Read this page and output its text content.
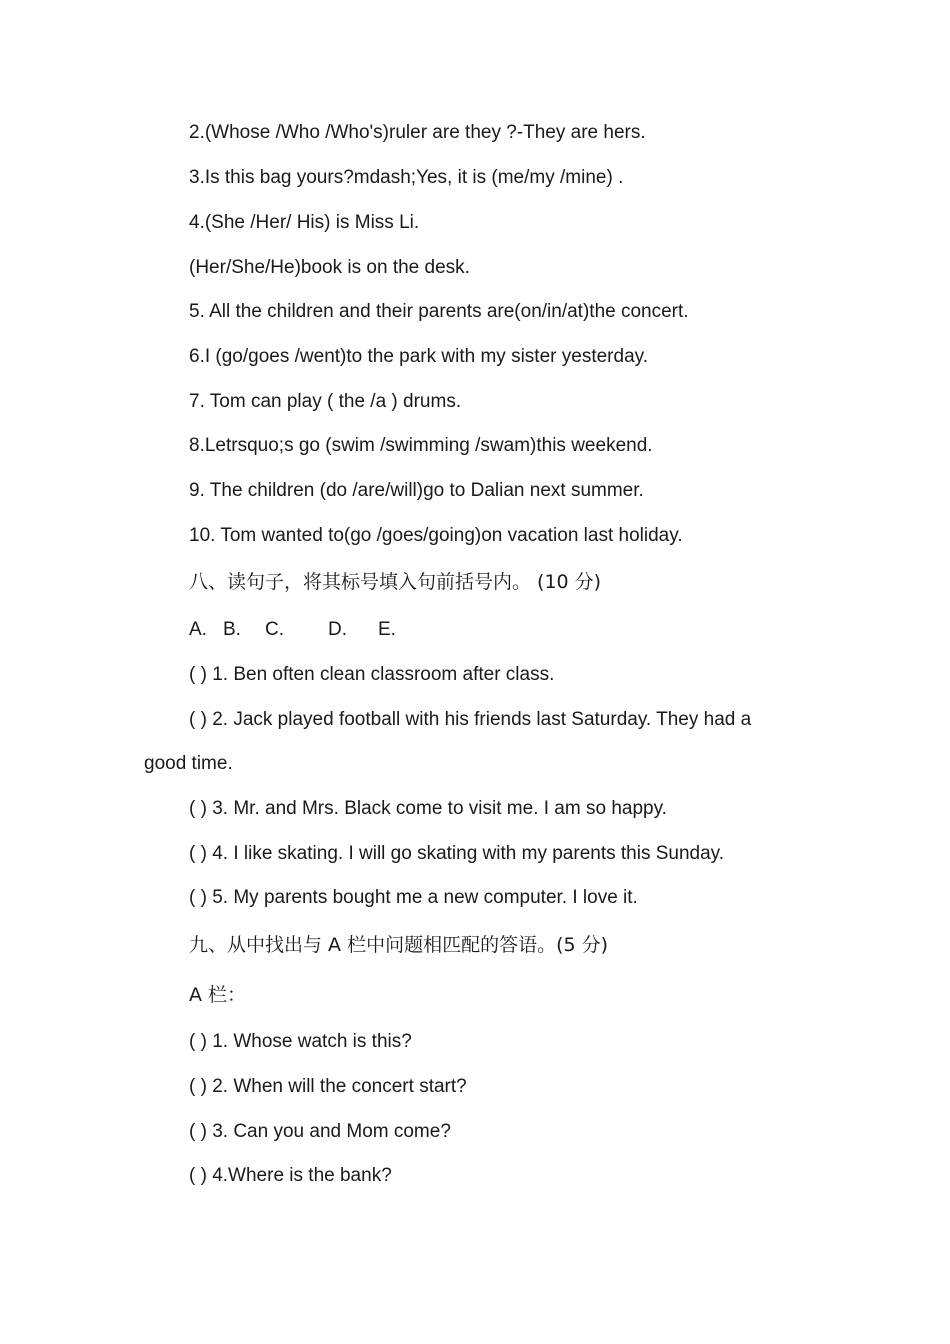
2.(Whose /Who /Who's)ruler are they ?-They are hers.
3.Is this bag yours?mdash;Yes, it is (me/my /mine) .
4.(She /Her/ His) is Miss Li.
(Her/She/He)book is on the desk.
5. All the children and their parents are(on/in/at)the concert.
6.I (go/goes /went)to the park with my sister yesterday.
7. Tom can play ( the /a ) drums.
8.Letrsquo;s go (swim /swimming /swam)this weekend.
9. The children (do /are/will)go to Dalian next summer.
10. Tom wanted to(go /goes/going)on vacation last holiday.
八、读句子，将其标号填入句前括号内。 (10 分)
A. B. C. D. E.
( ) 1. Ben often clean classroom after class.
( ) 2. Jack played football with his friends last Saturday. They had a
good time.
( ) 3. Mr. and Mrs. Black come to visit me. I am so happy.
( ) 4. I like skating. I will go skating with my parents this Sunday.
( ) 5. My parents bought me a new computer. I love it.
九、从中找出与 A 栏中问题相匹配的答语。(5 分)
A 栏：
( ) 1. Whose watch is this?
( ) 2. When will the concert start?
( ) 3. Can you and Mom come?
( ) 4.Where is the bank?
